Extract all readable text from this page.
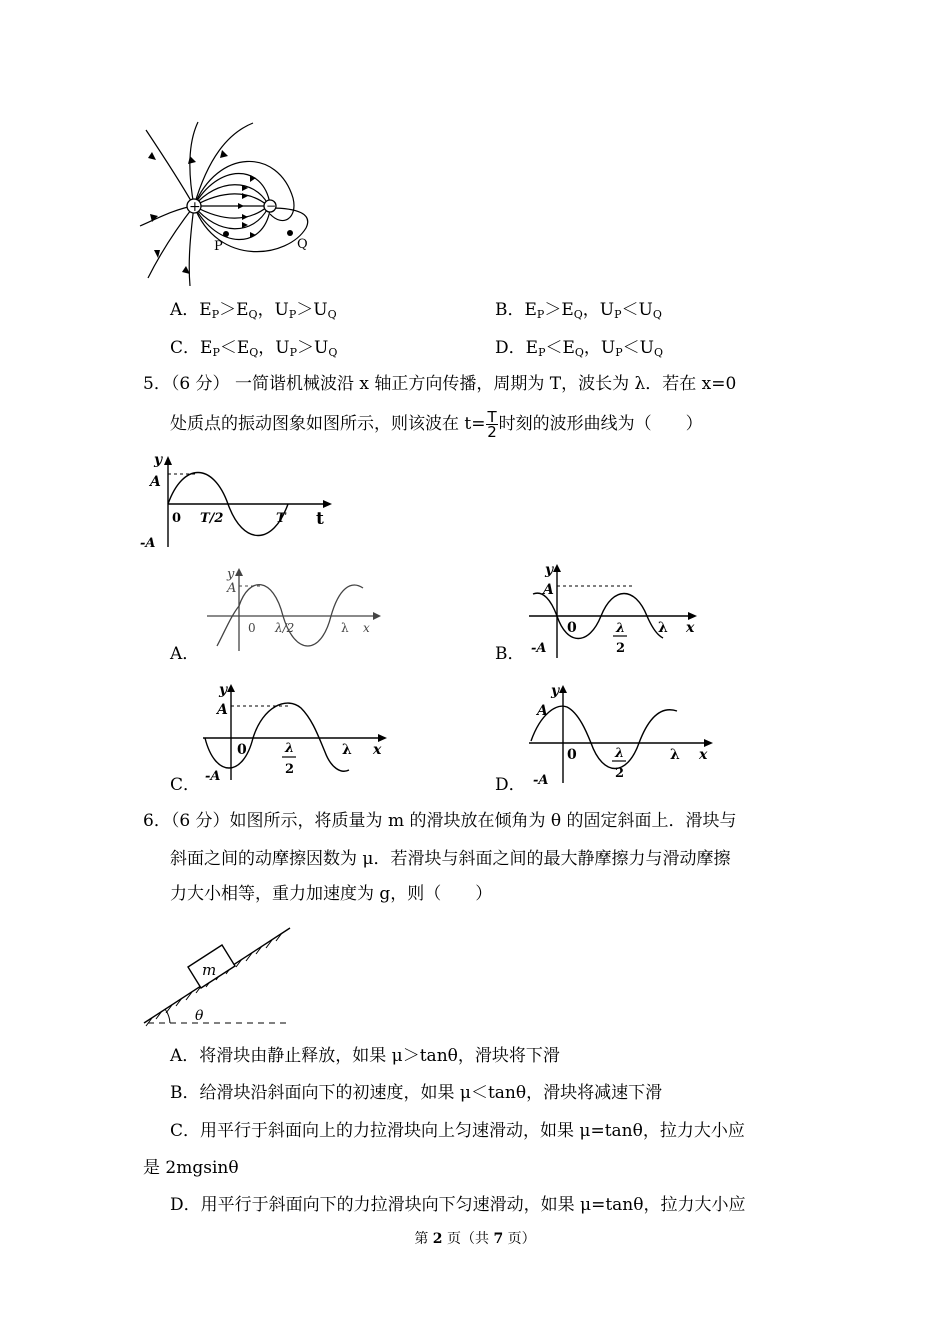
+	−
P	Q
A．$E_P>E_Q$，$U_P>U_Q$	B．$E_P>E_Q$，$U_P<U_Q$
C．$E_P<E_Q$，$U_P>U_Q$	D．$E_P<E_Q$，$U_P<U_Q$
5．（6 分） 一简谐机械波沿 x 轴正方向传播，周期为 T，波长为 λ．若在 x=0
处质点的振动图象如图所示，则该波在 $t= \frac{T}{2}$ 时刻的波形曲线为（　　）
y
A
-A
0 T/2	T t
A．
y
A
0 λ/2	λ x
B．
y
A
-A
0	λ
2
λ x
C．
y
A
-A
0	λ
2
λ x
D．
y
A
-A
0	λ
2
λ x
6．（6 分）如图所示，将质量为 m 的滑块放在倾角为 θ 的固定斜面上．滑块与
斜面之间的动摩擦因数为 μ．若滑块与斜面之间的最大静摩擦力与滑动摩擦
力大小相等，重力加速度为 g，则（　　）
m
θ
A．将滑块由静止释放，如果 μ＞tanθ，滑块将下滑
B．给滑块沿斜面向下的初速度，如果 μ＜tanθ，滑块将减速下滑
C．用平行于斜面向上的力拉滑块向上匀速滑动，如果 μ=tanθ，拉力大小应
是 2mgsinθ
D．用平行于斜面向下的力拉滑块向下匀速滑动，如果 μ=tanθ，拉力大小应
第 2 页（共 7 页）
